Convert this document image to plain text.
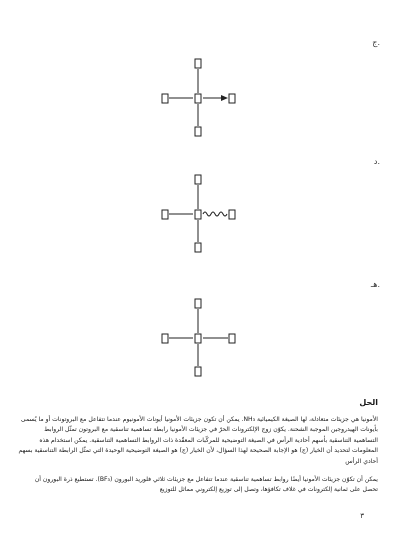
ج.
د.
هـ.
الحل

الأمونيا هي جزيئات متعادلة، لها الصيغة الكيميائية NH₃. يمكن أن تكون جزيئات الأمونيا أيونات الأمونيوم عندما تتفاعل مع البروتونات أو ما يُسمى بأيونات الهيدروجين الموجبة الشحنة. يكوّن زوج الإلكترونات الحرّ في جزيئات الأمونيا رابطة تساهمية تناسقية مع البروتون تمثّل الروابط التساهمية التناسقية بأسهم أحادية الرأس في الصيغة التوضيحية للمركّبات المعقّدة ذات الروابط التساهمية التناسقية. يمكن استخدام هذه المعلومات لتحديد أن الخيار (ج) هو الإجابة الصحيحة لهذا السؤال، لأن الخيار (ج) هو الصيغة التوضيحية الوحيدة التي تمثّل الرابطة التناسقية بسهم أحادي الرأس

يمكن أن تكوّن جزيئات الأمونيا أيضًا روابط تساهمية تناسقية عندما تتفاعل مع جزيئات ثلاثي فلوريد البورون (BF₃). تستطيع ذرة البورون أن تحصل على ثمانية إلكترونات في غلاف تكافؤها، وتصل إلى توزيع إلكتروني مماثل للتوزيع

٣
